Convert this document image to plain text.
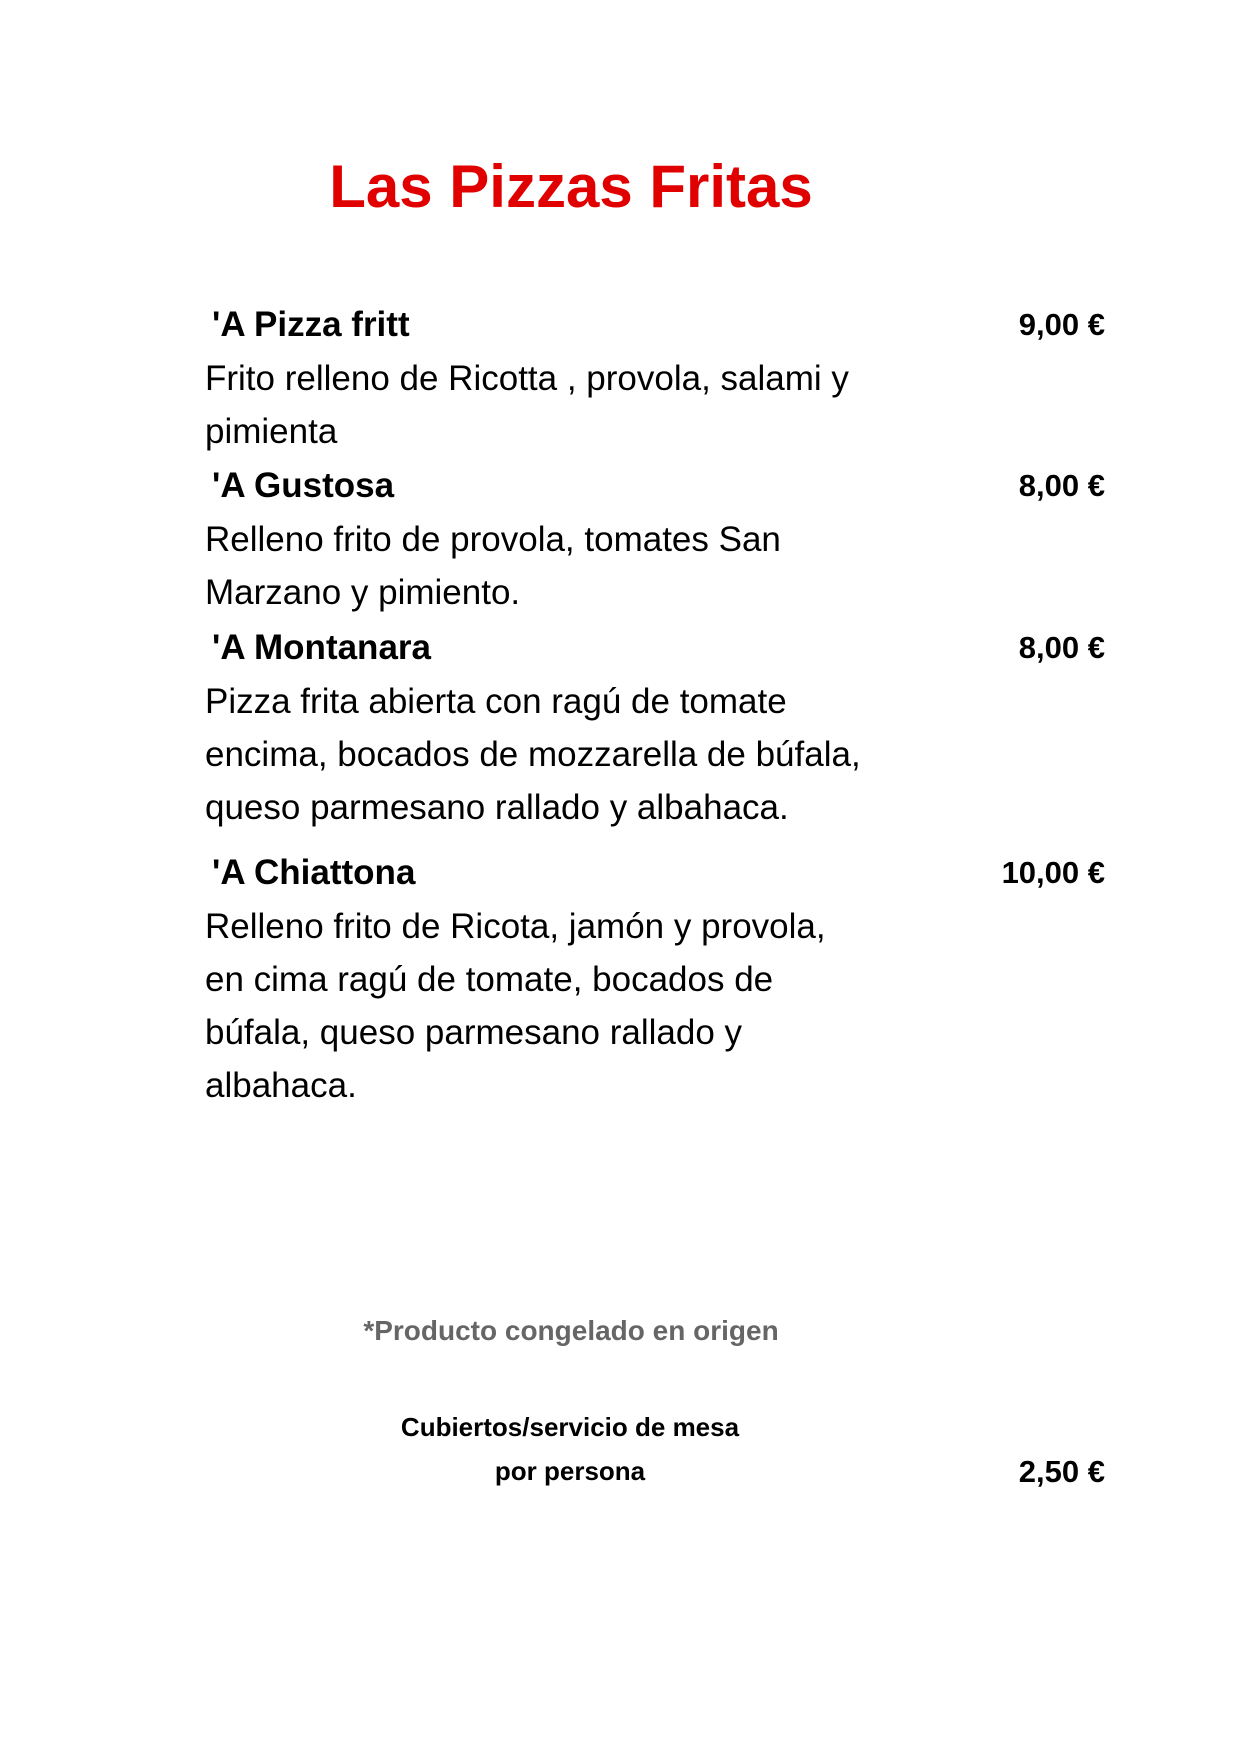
Las Pizzas Fritas
'A Pizza fritt	9,00 €
Frito relleno de Ricotta , provola, salami y
pimienta
'A Gustosa	8,00 €
Relleno frito de provola, tomates San
Marzano y pimiento.
'A Montanara	8,00 €
Pizza frita abierta con ragú de tomate
encima, bocados de mozzarella de búfala,
queso parmesano rallado y albahaca.
'A Chiattona	10,00 €
Relleno frito de Ricota, jamón y provola,
en cima ragú de tomate, bocados de
búfala, queso parmesano rallado y
albahaca.
*Producto congelado en origen
Cubiertos/servicio de mesa
por persona	2,50 €
